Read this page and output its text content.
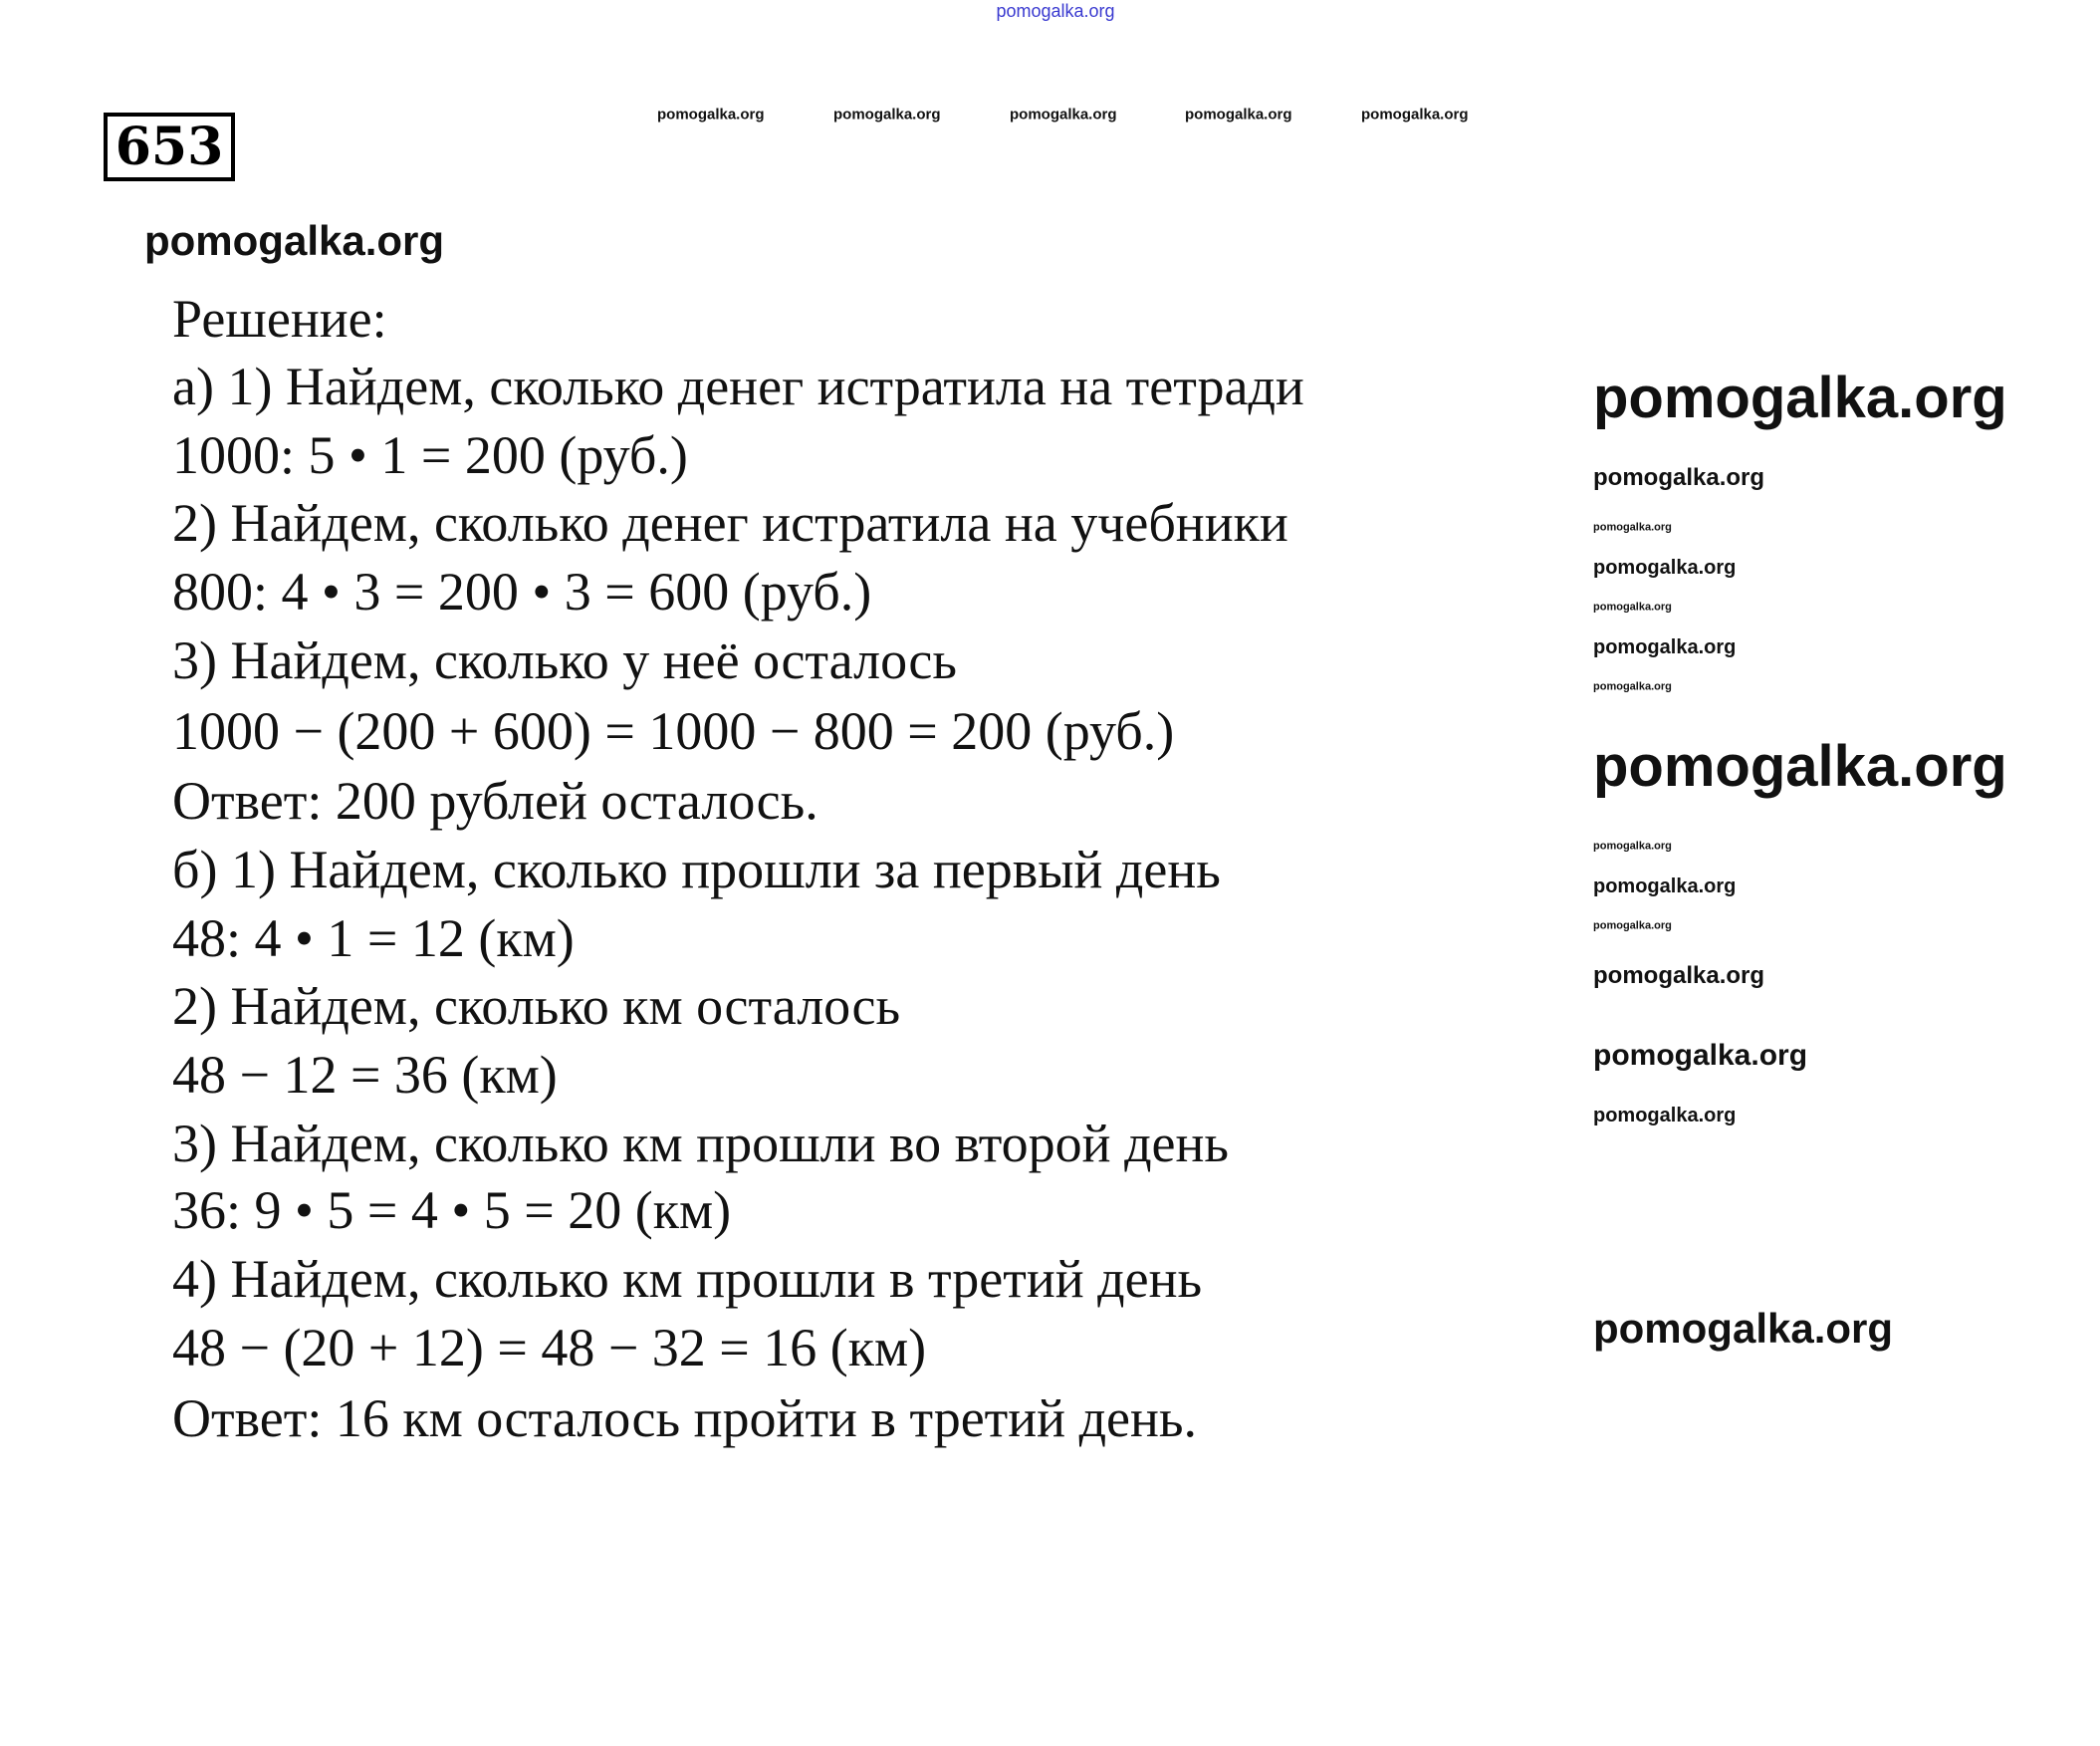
pomogalka.org
pomogalka.org	pomogalka.org	pomogalka.org	pomogalka.org	pomogalka.org
653
pomogalka.org
Решение:
а) 1) Найдем, сколько денег истратила на тетради
1000: 5 • 1 = 200 (руб.)
2) Найдем, сколько денег истратила на учебники
800: 4 • 3 = 200 • 3 = 600 (руб.)
3) Найдем, сколько у неё осталось
1000 − (200 + 600) = 1000 − 800 = 200 (руб.)
Ответ: 200 рублей осталось.
б) 1) Найдем, сколько прошли за первый день
48: 4 • 1 = 12 (км)
2) Найдем, сколько км осталось
48 − 12 = 36 (км)
3) Найдем, сколько км прошли во второй день
36: 9 • 5 = 4 • 5 = 20 (км)
4) Найдем, сколько км прошли в третий день
48 − (20 + 12) = 48 − 32 = 16 (км)
Ответ: 16 км осталось пройти в третий день.
pomogalka.org
pomogalka.org
pomogalka.org
pomogalka.org
pomogalka.org
pomogalka.org
pomogalka.org
pomogalka.org
pomogalka.org
pomogalka.org
pomogalka.org
pomogalka.org
pomogalka.org
pomogalka.org
pomogalka.org
